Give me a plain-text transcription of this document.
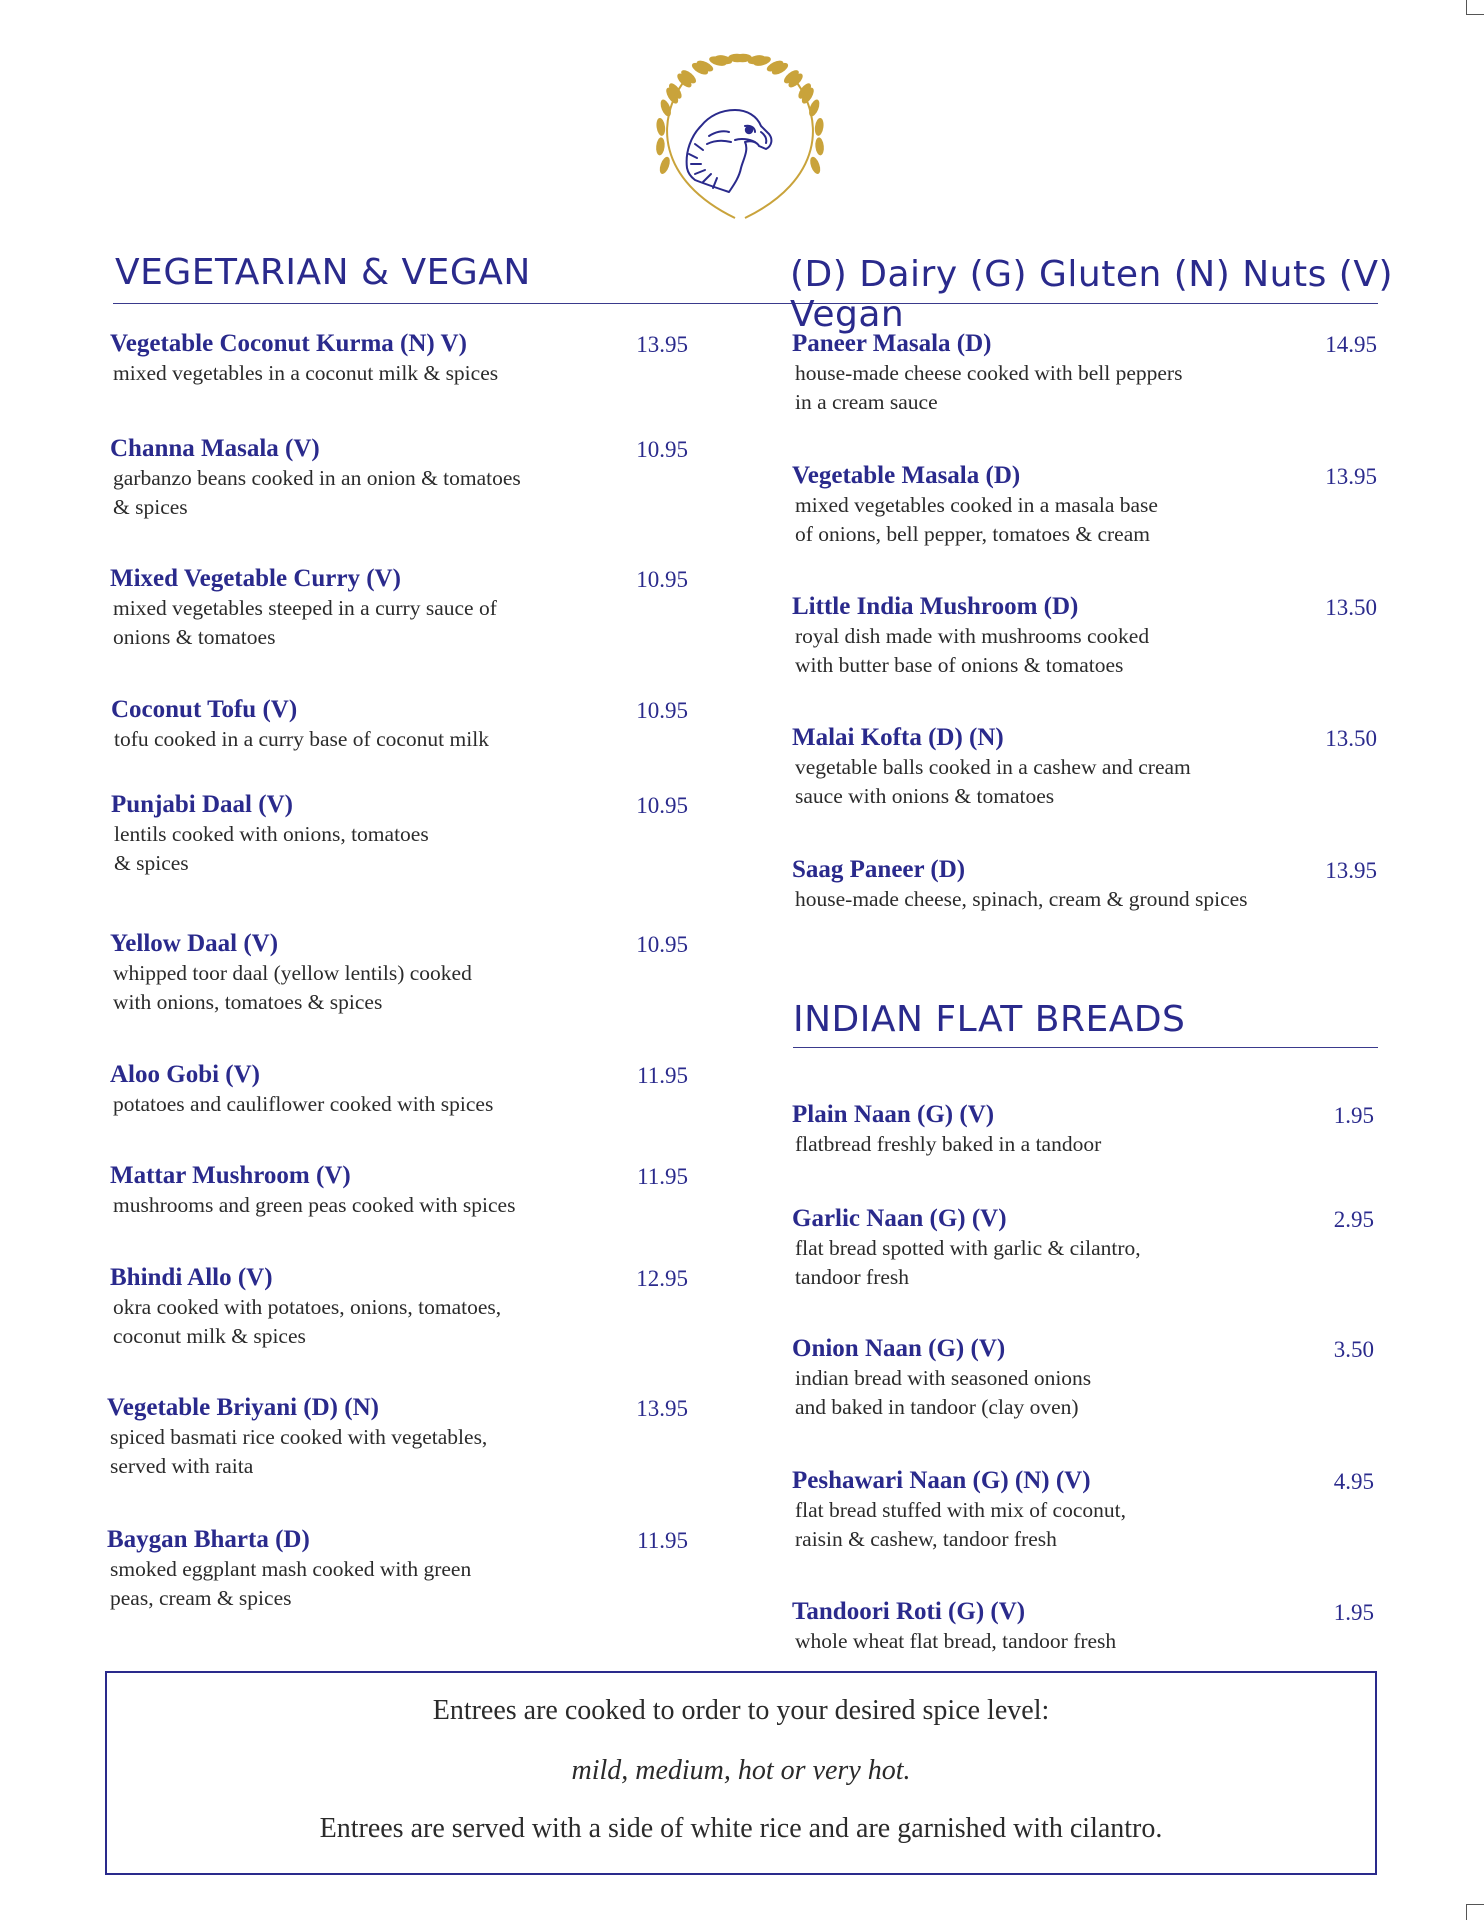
VEGETARIAN & VEGAN	(D) Dairy (G) Gluten (N) Nuts (V) Vegan
INDIAN FLAT BREADS

Vegetable Coconut Kurma (N) V)

mixed vegetables in a coconut milk & spices

13.95

Channa Masala (V)

garbanzo beans cooked in an onion & tomatoes

& spices

10.95

Mixed Vegetable Curry (V)

mixed vegetables steeped in a curry sauce of

onions & tomatoes

10.95

Coconut Tofu (V)

tofu cooked in a curry base of coconut milk

10.95

Punjabi Daal (V)

lentils cooked with onions, tomatoes

& spices

10.95

Yellow Daal (V)

whipped toor daal (yellow lentils) cooked

with onions, tomatoes & spices

10.95

Aloo Gobi (V)

potatoes and cauliflower cooked with spices

11.95

Mattar Mushroom (V)

mushrooms and green peas cooked with spices

11.95

Bhindi Allo (V)

okra cooked with potatoes, onions, tomatoes,

coconut milk & spices

12.95

Vegetable Briyani (D) (N)

spiced basmati rice cooked with vegetables,

served with raita

13.95

Baygan Bharta (D)

smoked eggplant mash cooked with green

peas, cream & spices

11.95

Paneer Masala (D)

house-made cheese cooked with bell peppers

in a cream sauce

14.95

Vegetable Masala (D)

mixed vegetables cooked in a masala base

of onions, bell pepper, tomatoes & cream

13.95

Little India Mushroom (D)

royal dish made with mushrooms cooked

with butter base of onions & tomatoes

13.50

Malai Kofta (D) (N)

vegetable balls cooked in a cashew and cream

sauce with onions & tomatoes

13.50

Saag Paneer (D)

house-made cheese, spinach, cream & ground spices

13.95

Plain Naan (G) (V)

flatbread freshly baked in a tandoor

1.95

Garlic Naan (G) (V)

flat bread spotted with garlic & cilantro,

tandoor fresh

2.95

Onion Naan (G) (V)

indian bread with seasoned onions

and baked in tandoor (clay oven)

3.50

Peshawari Naan (G) (N) (V)

flat bread stuffed with mix of coconut,

raisin & cashew, tandoor fresh

4.95

Tandoori Roti (G) (V)

whole wheat flat bread, tandoor fresh

1.95

Entrees are cooked to order to your desired spice level:

mild, medium, hot or very hot.

Entrees are served with a side of white rice and are garnished with cilantro.
